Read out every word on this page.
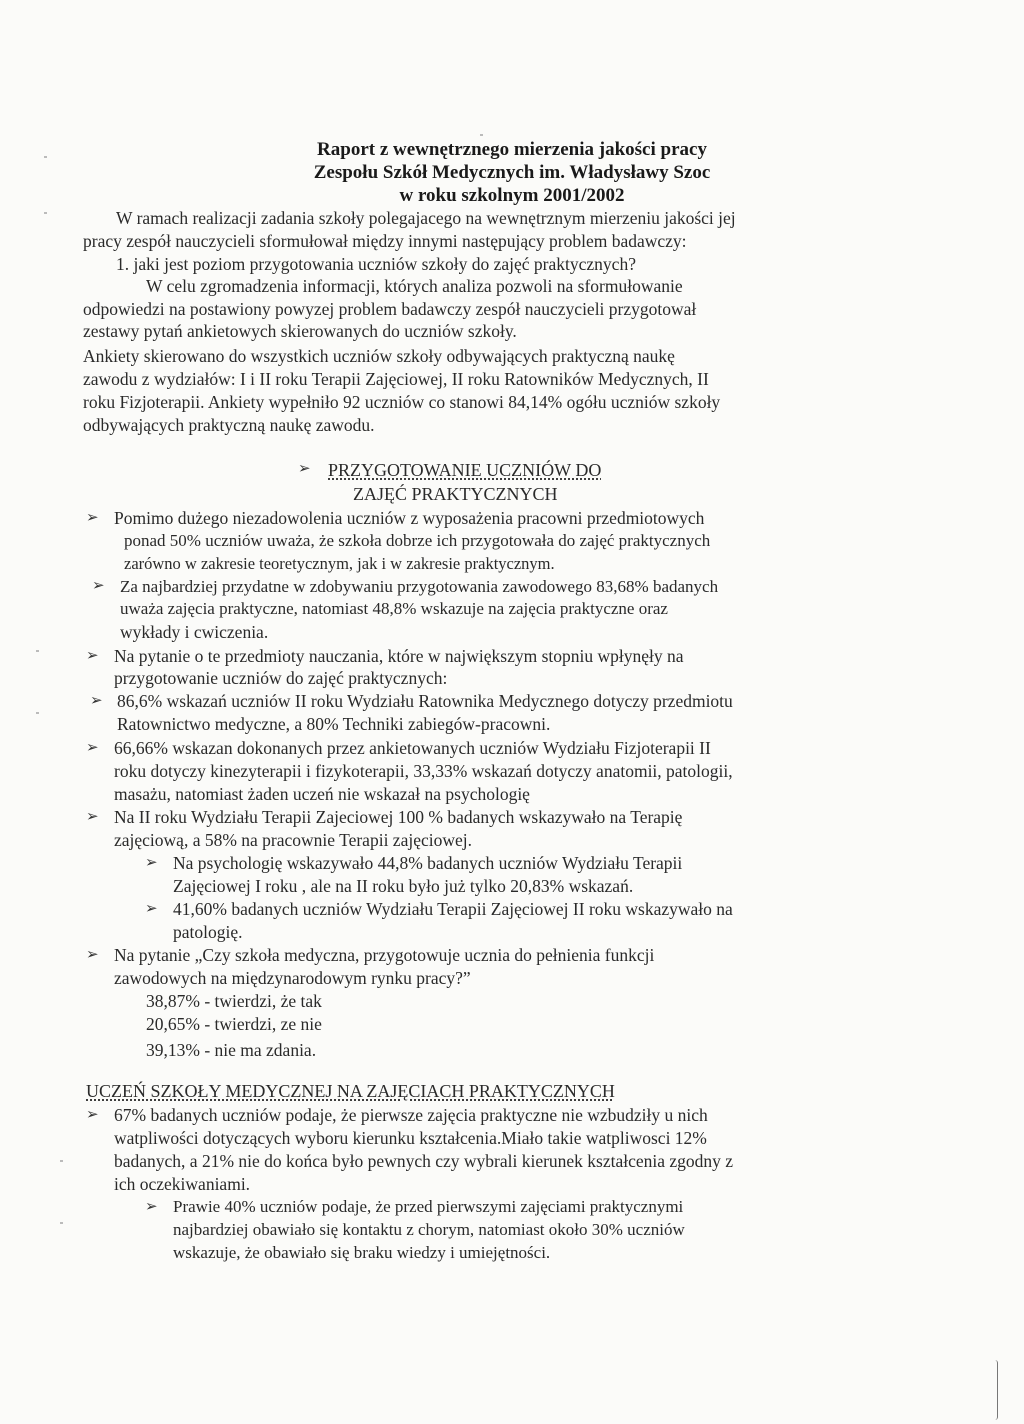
Raport z wewnętrznego mierzenia jakości pracy
Zespołu Szkół Medycznych im. Władysławy Szoc
w roku szkolnym 2001/2002
W ramach realizacji zadania szkoły polegajacego na wewnętrznym mierzeniu jakości jej
pracy zespół nauczycieli sformułował między innymi następujący problem badawczy:
1. jaki jest poziom przygotowania uczniów szkoły do zajęć praktycznych?
W celu zgromadzenia informacji, których analiza pozwoli na sformułowanie
odpowiedzi na postawiony powyzej problem badawczy zespół nauczycieli przygotował
zestawy pytań ankietowych skierowanych do uczniów szkoły.
Ankiety skierowano do wszystkich uczniów szkoły odbywających praktyczną naukę
zawodu z wydziałów: I i II roku Terapii Zajęciowej, II roku Ratowników Medycznych, II
roku Fizjoterapii. Ankiety wypełniło 92 uczniów co stanowi 84,14% ogółu uczniów szkoły
odbywających praktyczną naukę zawodu.
➢ PRZYGOTOWANIE UCZNIÓW DO
ZAJĘĆ PRAKTYCZNYCH
➢ Pomimo dużego niezadowolenia uczniów z wyposażenia pracowni przedmiotowych
ponad 50% uczniów uważa, że szkoła dobrze ich przygotowała do zajęć praktycznych
zarówno w zakresie teoretycznym, jak i w zakresie praktycznym.
➢ Za najbardziej przydatne w zdobywaniu przygotowania zawodowego 83,68% badanych
uważa zajęcia praktyczne, natomiast 48,8% wskazuje na zajęcia praktyczne oraz
wykłady i cwiczenia.
➢ Na pytanie o te przedmioty nauczania, które w największym stopniu wpłynęły na
przygotowanie uczniów do zajęć praktycznych:
➢ 86,6% wskazań uczniów II roku Wydziału Ratownika Medycznego dotyczy przedmiotu
Ratownictwo medyczne, a 80% Techniki zabiegów-pracowni.
➢ 66,66% wskazan dokonanych przez ankietowanych uczniów Wydziału Fizjoterapii II
roku dotyczy kinezyterapii i fizykoterapii, 33,33% wskazań dotyczy anatomii, patologii,
masażu, natomiast żaden uczeń nie wskazał na psychologię
➢ Na II roku Wydziału Terapii Zajeciowej 100 % badanych wskazywało na Terapię
zajęciową, a 58% na pracownie Terapii zajęciowej.
➢ Na psychologię wskazywało 44,8% badanych uczniów Wydziału Terapii
Zajęciowej I roku , ale na II roku było już tylko 20,83% wskazań.
➢ 41,60% badanych uczniów Wydziału Terapii Zajęciowej II roku wskazywało na
patologię.
➢ Na pytanie „Czy szkoła medyczna, przygotowuje ucznia do pełnienia funkcji
zawodowych na międzynarodowym rynku pracy?”
38,87% - twierdzi, że tak
20,65% - twierdzi, ze nie
39,13% - nie ma zdania.
UCZEŃ SZKOŁY MEDYCZNEJ NA ZAJĘCIACH PRAKTYCZNYCH
➢ 67% badanych uczniów podaje, że pierwsze zajęcia praktyczne nie wzbudziły u nich
watpliwości dotyczących wyboru kierunku kształcenia.Miało takie watpliwosci 12%
badanych, a 21% nie do końca było pewnych czy wybrali kierunek kształcenia zgodny z
ich oczekiwaniami.
➢ Prawie 40% uczniów podaje, że przed pierwszymi zajęciami praktycznymi
najbardziej obawiało się kontaktu z chorym, natomiast około 30% uczniów
wskazuje, że obawiało się braku wiedzy i umiejętności.
